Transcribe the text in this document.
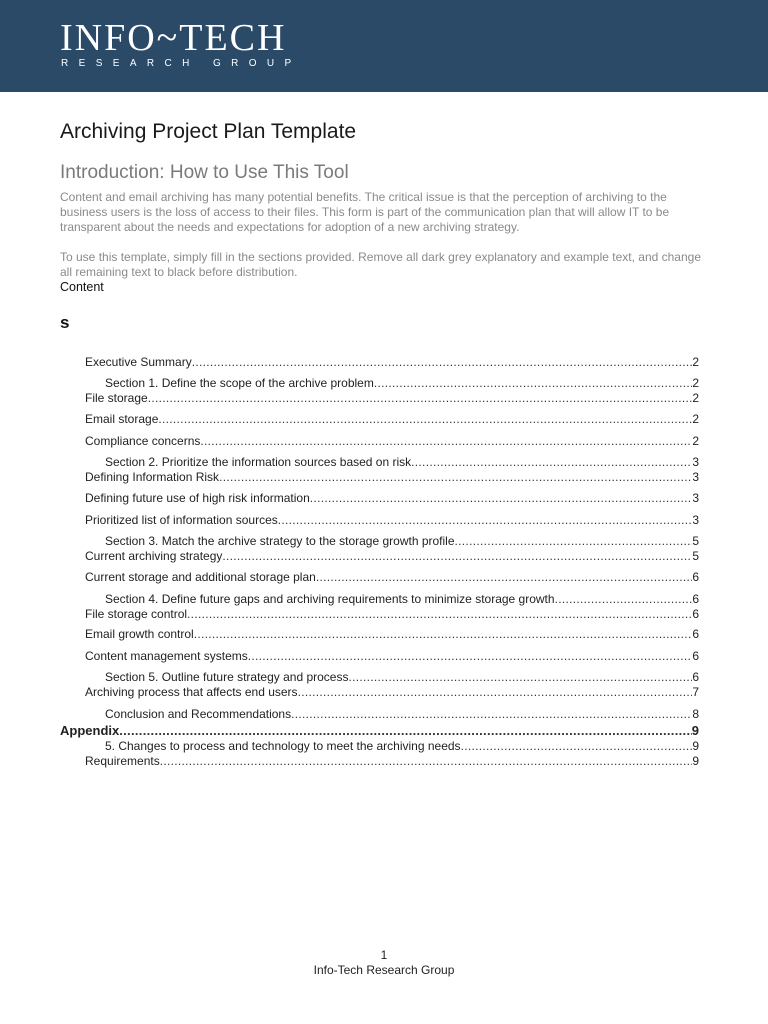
INFO~TECH
RESEARCH GROUP
Archiving Project Plan Template
Introduction: How to Use This Tool
Content and email archiving has many potential benefits. The critical issue is that the perception of archiving to the business users is the loss of access to their files. This form is part of the communication plan that will allow IT to be transparent about the needs and expectations for adoption of a new archiving strategy.
To use this template, simply fill in the sections provided. Remove all dark grey explanatory and example text, and change all remaining text to black before distribution.
Content
s
Executive Summary .....	2
Section 1. Define the scope of the archive problem .....	2
File storage .....	2
Email storage .....	2
Compliance concerns .....	2
Section 2. Prioritize the information sources based on risk .....	3
Defining Information Risk .....	3
Defining future use of high risk information .....	3
Prioritized list of information sources .....	3
Section 3. Match the archive strategy to the storage growth profile .....	5
Current archiving strategy .....	5
Current storage and additional storage plan .....	6
Section 4. Define future gaps and archiving requirements to minimize storage growth .....	6
File storage control .....	6
Email growth control .....	6
Content management systems .....	6
Section 5. Outline future strategy and process .....	6
Archiving process that affects end users .....	7
Conclusion and Recommendations .....	8
Appendix .....	9
5. Changes to process and technology to meet the archiving needs .....	9
Requirements .....	9
1
Info-Tech Research Group
